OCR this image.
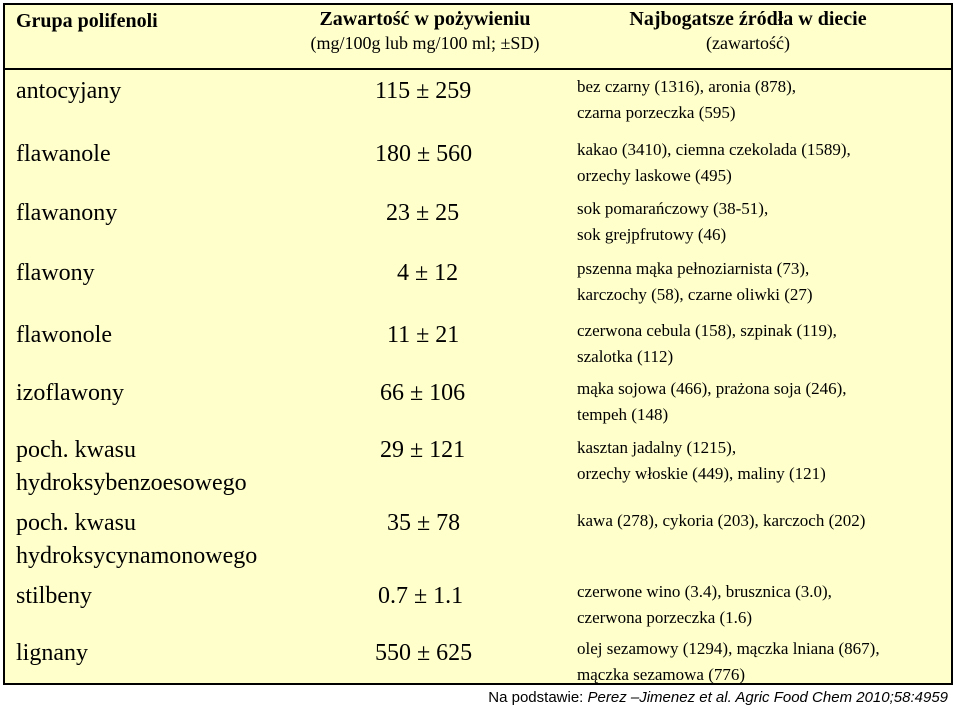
Grupa polifenoli	Zawartość w pożywieniu
(mg/100g lub mg/100 ml; ±SD)
Najbogatsze źródła w diecie
(zawartość)
antocyjany	115 ± 259	bez czarny (1316), aronia (878),
czarna porzeczka (595)
flawanole	180 ± 560	kakao (3410), ciemna czekolada (1589),
orzechy laskowe (495)
flawanony	23 ± 25	sok pomarańczowy (38-51),
sok grejpfrutowy (46)
flawony	4 ± 12	pszenna mąka pełnoziarnista (73),
karczochy (58), czarne oliwki (27)
flawonole	11 ± 21	czerwona cebula (158), szpinak (119),
szalotka (112)
izoflawony	66 ± 106	mąka sojowa (466), prażona soja (246),
tempeh (148)
poch. kwasu
hydroksybenzoesowego
29 ± 121	kasztan jadalny (1215),
orzechy włoskie (449), maliny (121)
poch. kwasu
hydroksycynamonowego
35 ± 78	kawa (278), cykoria (203), karczoch (202)
stilbeny	0.7 ± 1.1	czerwone wino (3.4), brusznica (3.0),
czerwona porzeczka (1.6)
lignany	550 ± 625	olej sezamowy (1294), mączka lniana (867),
mączka sezamowa (776)
Na podstawie: Perez –Jimenez et al. Agric Food Chem 2010;58:4959
